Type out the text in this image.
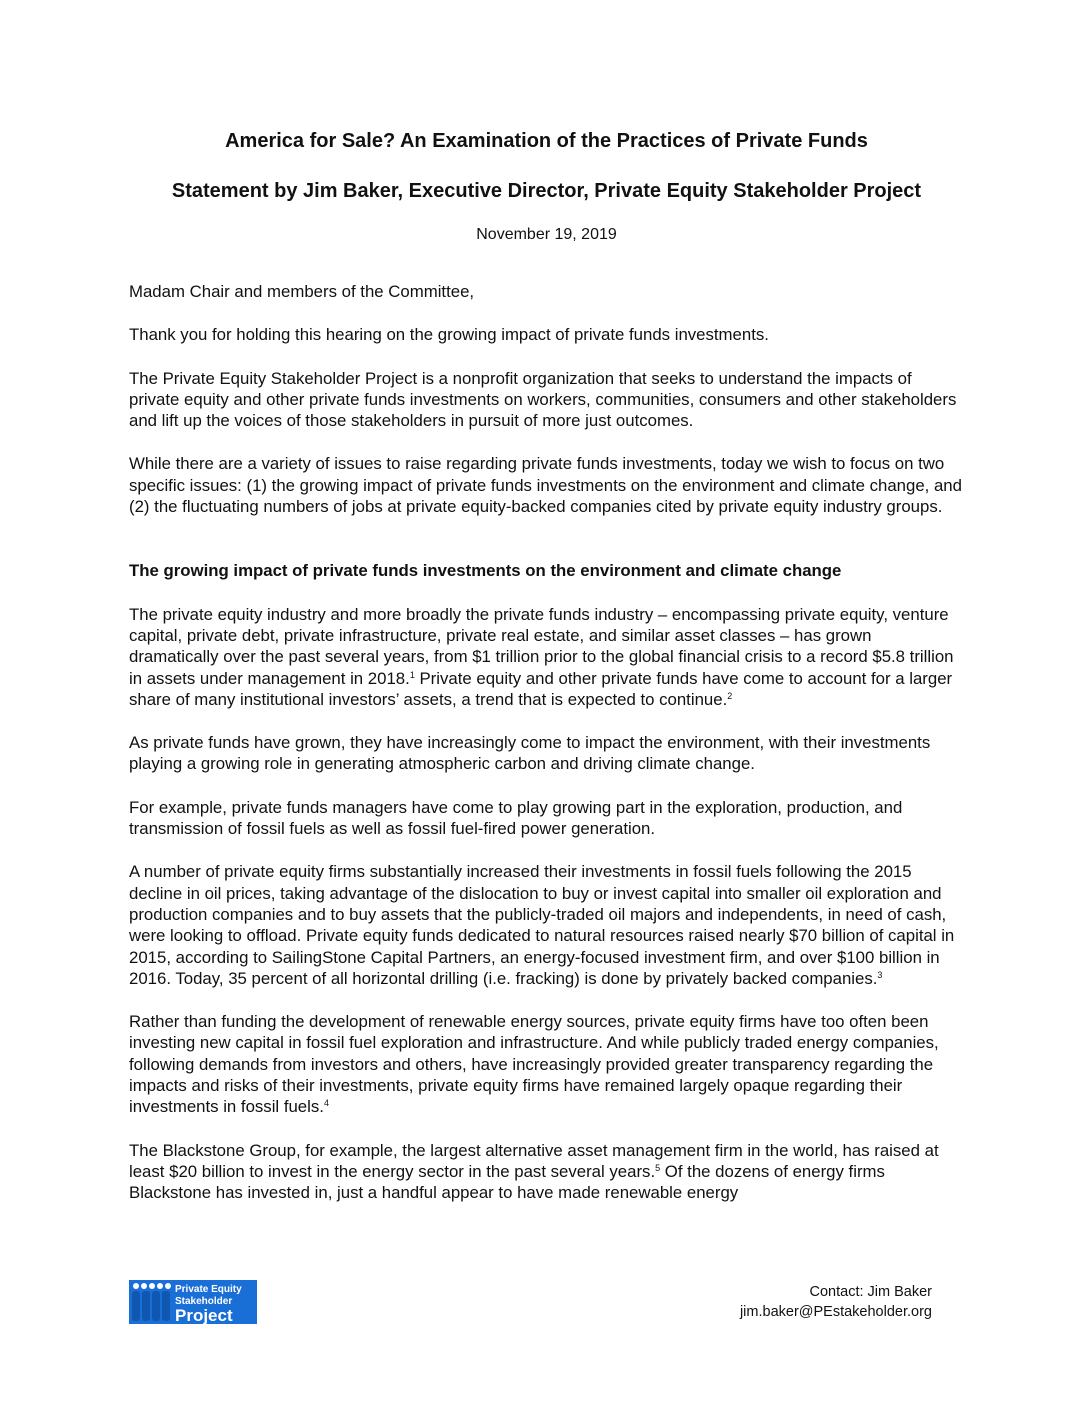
America for Sale? An Examination of the Practices of Private Funds
Statement by Jim Baker, Executive Director, Private Equity Stakeholder Project
November 19, 2019

Madam Chair and members of the Committee,

Thank you for holding this hearing on the growing impact of private funds investments.

The Private Equity Stakeholder Project is a nonprofit organization that seeks to understand the impacts of private equity and other private funds investments on workers, communities, consumers and other stakeholders and lift up the voices of those stakeholders in pursuit of more just outcomes.

While there are a variety of issues to raise regarding private funds investments, today we wish to focus on two specific issues: (1) the growing impact of private funds investments on the environment and climate change, and (2) the fluctuating numbers of jobs at private equity-backed companies cited by private equity industry groups.

The growing impact of private funds investments on the environment and climate change

The private equity industry and more broadly the private funds industry – encompassing private equity, venture capital, private debt, private infrastructure, private real estate, and similar asset classes – has grown dramatically over the past several years, from $1 trillion prior to the global financial crisis to a record $5.8 trillion in assets under management in 2018.$^1$ Private equity and other private funds have come to account for a larger share of many institutional investors’ assets, a trend that is expected to continue.$^2$

As private funds have grown, they have increasingly come to impact the environment, with their investments playing a growing role in generating atmospheric carbon and driving climate change.

For example, private funds managers have come to play growing part in the exploration, production, and transmission of fossil fuels as well as fossil fuel-fired power generation.

A number of private equity firms substantially increased their investments in fossil fuels following the 2015 decline in oil prices, taking advantage of the dislocation to buy or invest capital into smaller oil exploration and production companies and to buy assets that the publicly-traded oil majors and independents, in need of cash, were looking to offload. Private equity funds dedicated to natural resources raised nearly $70 billion of capital in 2015, according to SailingStone Capital Partners, an energy-focused investment firm, and over $100 billion in 2016. Today, 35 percent of all horizontal drilling (i.e. fracking) is done by privately backed companies.$^3$

Rather than funding the development of renewable energy sources, private equity firms have too often been investing new capital in fossil fuel exploration and infrastructure. And while publicly traded energy companies, following demands from investors and others, have increasingly provided greater transparency regarding the impacts and risks of their investments, private equity firms have remained largely opaque regarding their investments in fossil fuels.$^4$

The Blackstone Group, for example, the largest alternative asset management firm in the world, has raised at least $20 billion to invest in the energy sector in the past several years.$^5$ Of the dozens of energy firms Blackstone has invested in, just a handful appear to have made renewable energy

Private Equity
Stakeholder
Project
Contact: Jim Baker
jim.baker@PEstakeholder.org
